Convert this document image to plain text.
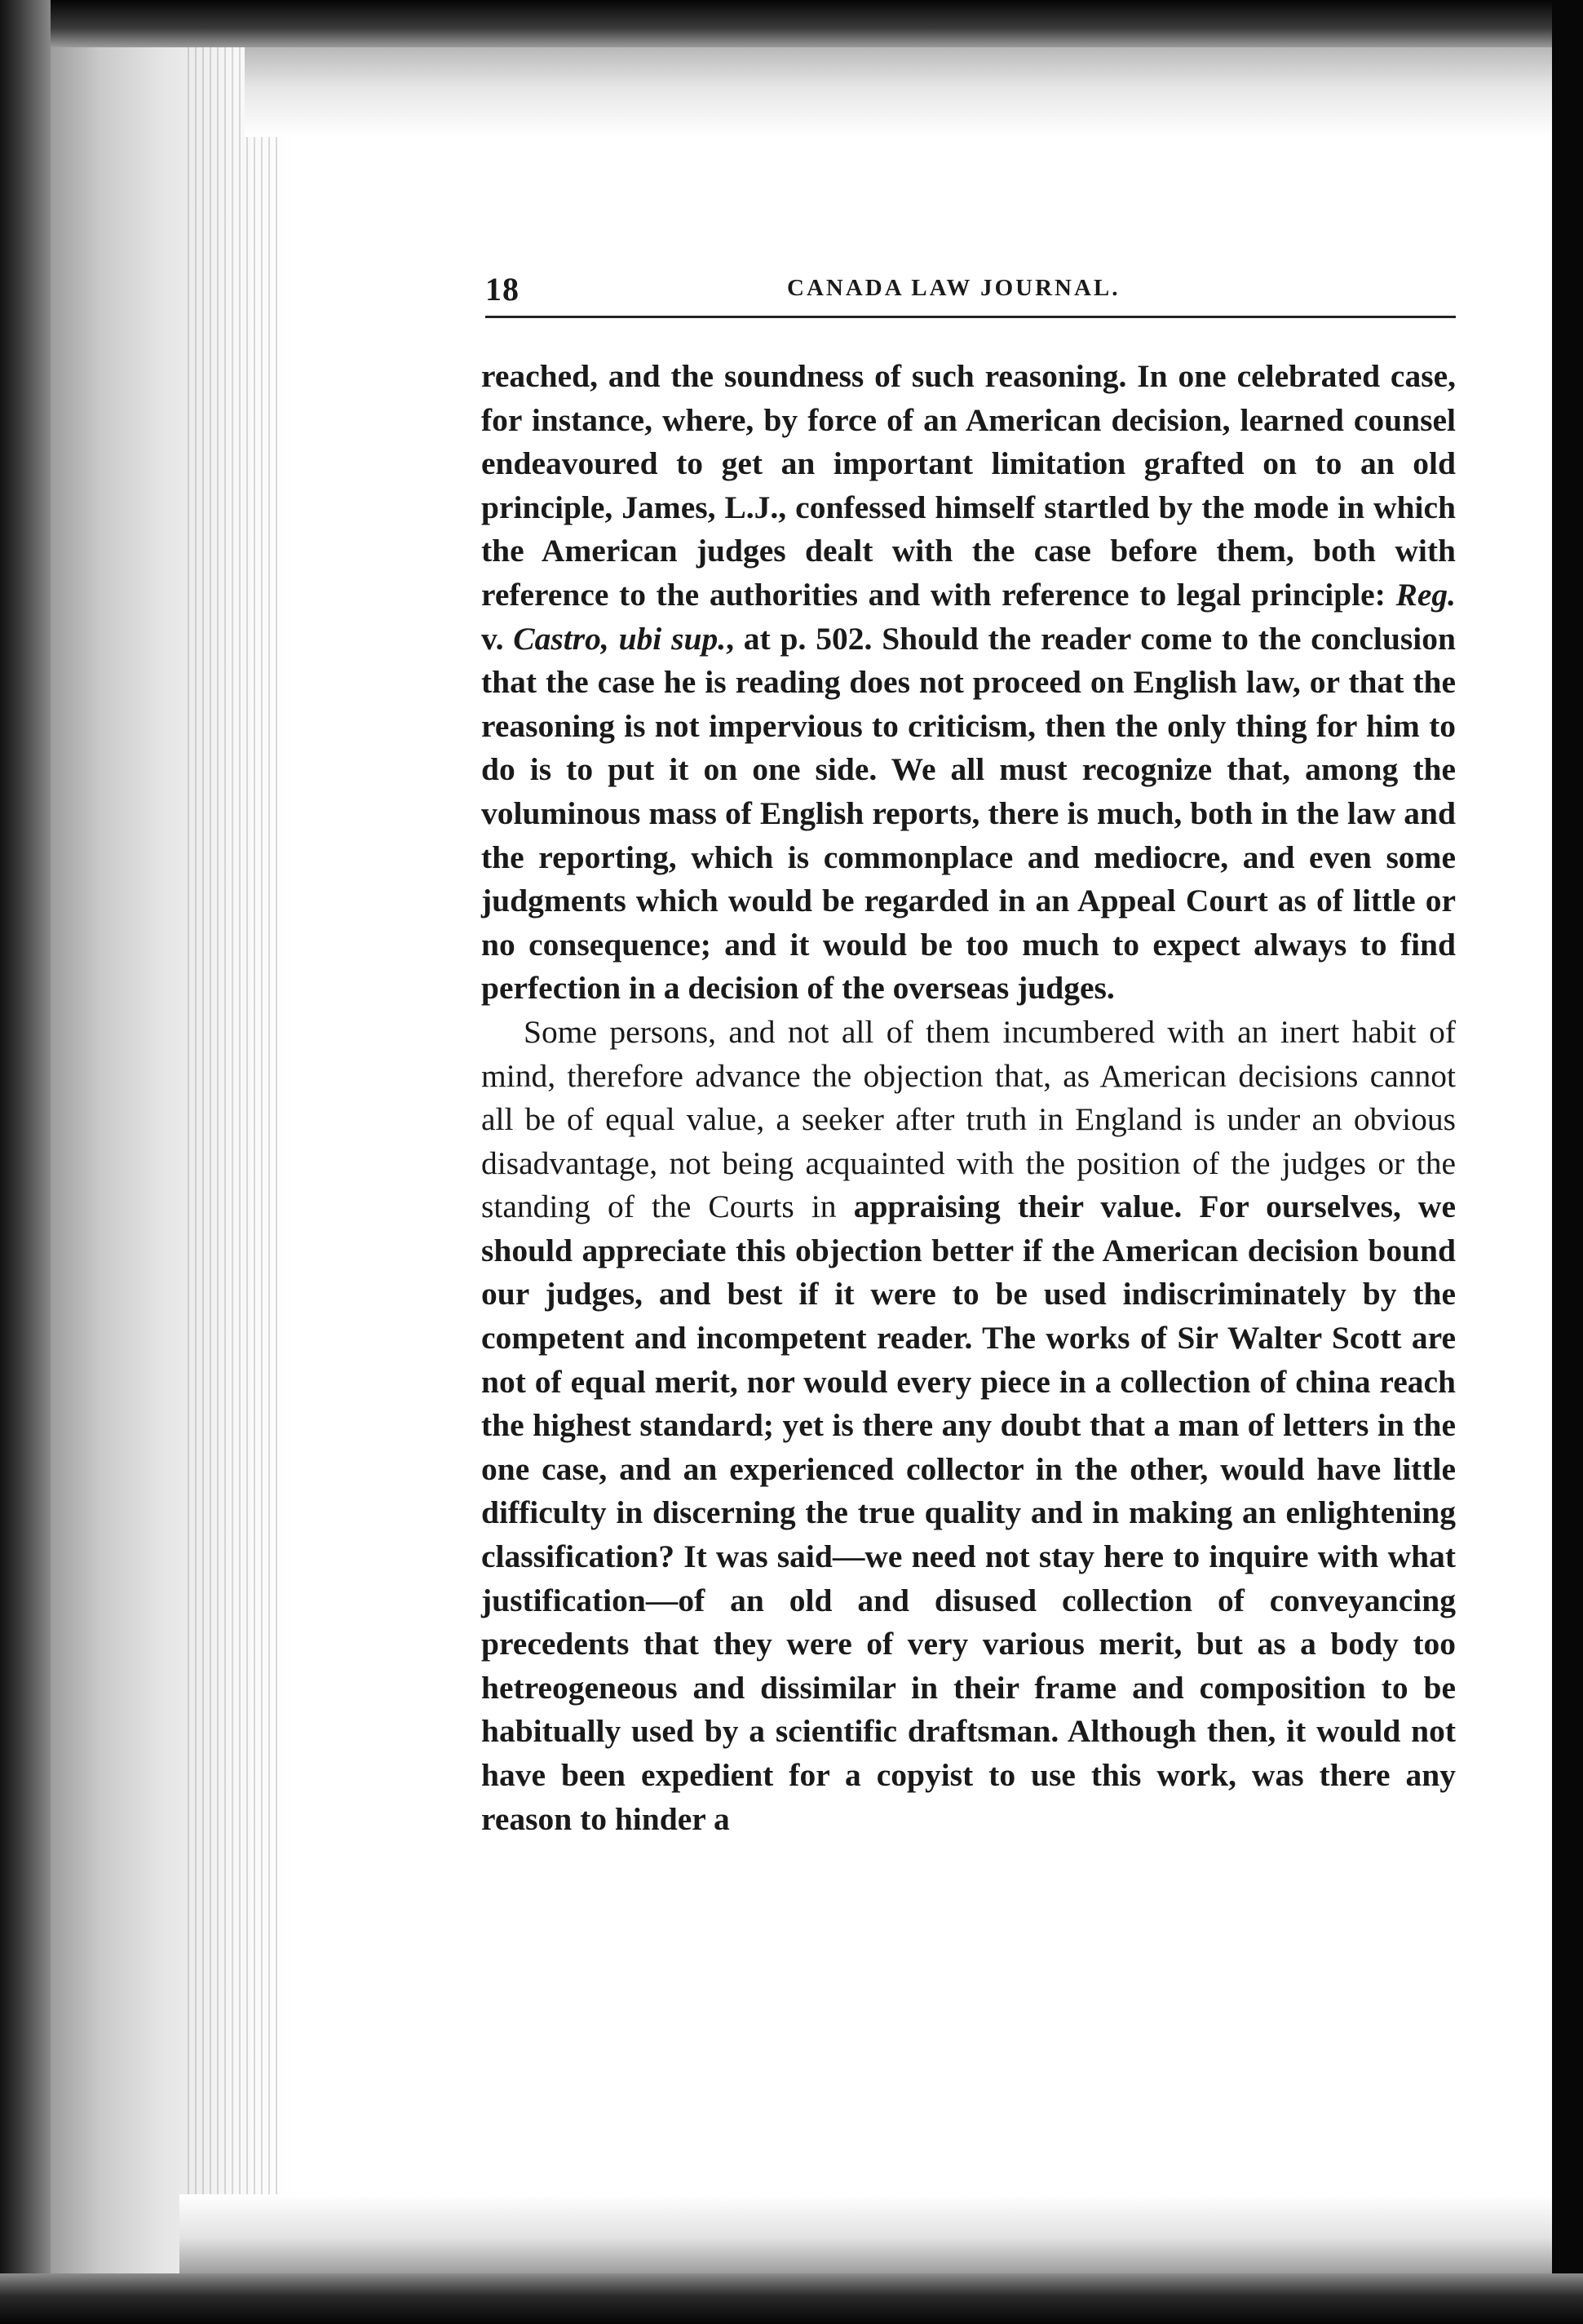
18	CANADA LAW JOURNAL.

reached, and the soundness of such reasoning. In one celebrated case, for instance, where, by force of an American decision, learned counsel endeavoured to get an important limitation grafted on to an old principle, James, L.J., confessed himself startled by the mode in which the American judges dealt with the case before them, both with reference to the authorities and with reference to legal principle: Reg. v. Castro, ubi sup., at p. 502. Should the reader come to the conclusion that the case he is reading does not proceed on English law, or that the reasoning is not impervious to criticism, then the only thing for him to do is to put it on one side. We all must recognize that, among the voluminous mass of English reports, there is much, both in the law and the reporting, which is commonplace and mediocre, and even some judgments which would be regarded in an Appeal Court as of little or no consequence; and it would be too much to expect always to find perfection in a decision of the overseas judges.

Some persons, and not all of them incumbered with an inert habit of mind, therefore advance the objection that, as American decisions cannot all be of equal value, a seeker after truth in England is under an obvious disadvantage, not being acquainted with the position of the judges or the standing of the Courts in appraising their value. For ourselves, we should appreciate this objection better if the American decision bound our judges, and best if it were to be used indiscriminately by the competent and incompetent reader. The works of Sir Walter Scott are not of equal merit, nor would every piece in a collection of china reach the highest standard; yet is there any doubt that a man of letters in the one case, and an experienced collector in the other, would have little difficulty in discerning the true quality and in making an enlightening classification? It was said—we need not stay here to inquire with what justification—of an old and disused collection of conveyancing precedents that they were of very various merit, but as a body too hetreogeneous and dissimilar in their frame and composition to be habitually used by a scientific draftsman. Although then, it would not have been expedient for a copyist to use this work, was there any reason to hinder a
